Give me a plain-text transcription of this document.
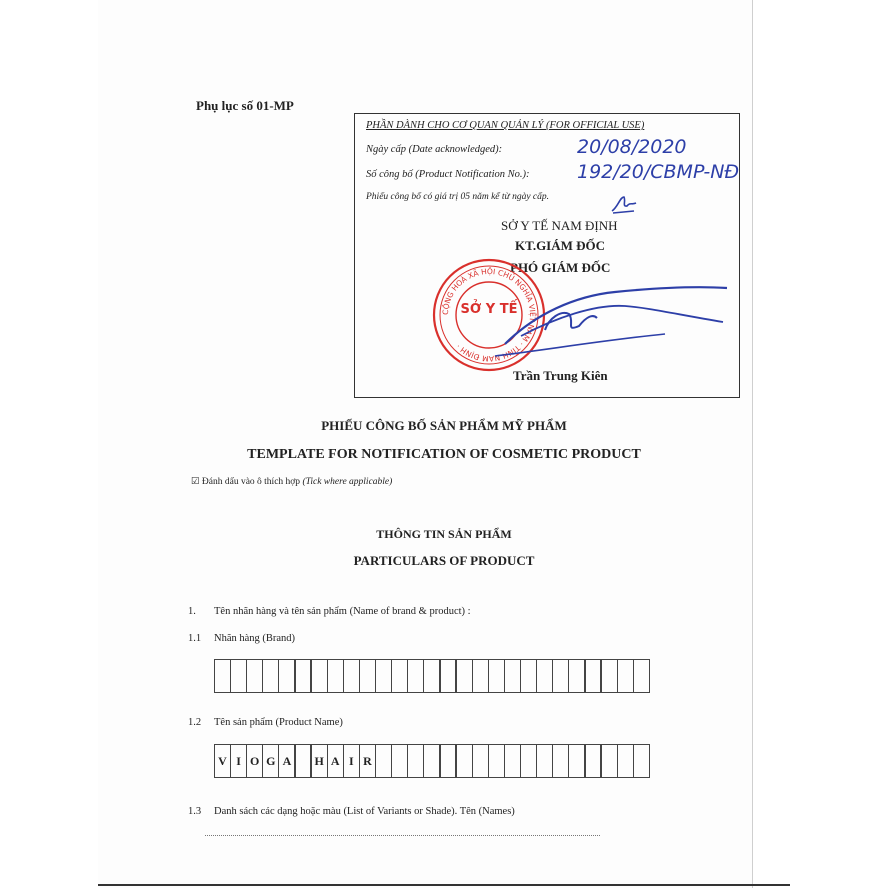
Phụ lục số 01-MP
PHẦN DÀNH CHO CƠ QUAN QUẢN LÝ (FOR OFFICIAL USE)
Ngày cấp (Date acknowledged):	20/08/2020
Số công bố (Product Notification No.): 192/20/CBMP-NĐ
Phiếu công bố có giá trị 05 năm kể từ ngày cấp.
SỞ Y TẾ NAM ĐỊNH
KT.GIÁM ĐỐC
PHÓ GIÁM ĐỐC
CỘNG HOÀ XÃ HỘI CHỦ NGHĨA VIỆT NAM · TỈNH NAM ĐỊNH ·
SỞ Y TẾ
Trần Trung Kiên
PHIẾU CÔNG BỐ SẢN PHẨM MỸ PHẨM
TEMPLATE FOR NOTIFICATION OF COSMETIC PRODUCT
☑ Đánh dấu vào ô thích hợp (Tick where applicable)
THÔNG TIN SẢN PHẨM
PARTICULARS OF PRODUCT
1. Tên nhãn hàng và tên sản phẩm (Name of brand & product) :
1.1 Nhãn hàng (Brand)
1.2 Tên sản phẩm (Product Name)
V I O G A	H A I R
1.3 Danh sách các dạng hoặc màu (List of Variants or Shade). Tên (Names)
